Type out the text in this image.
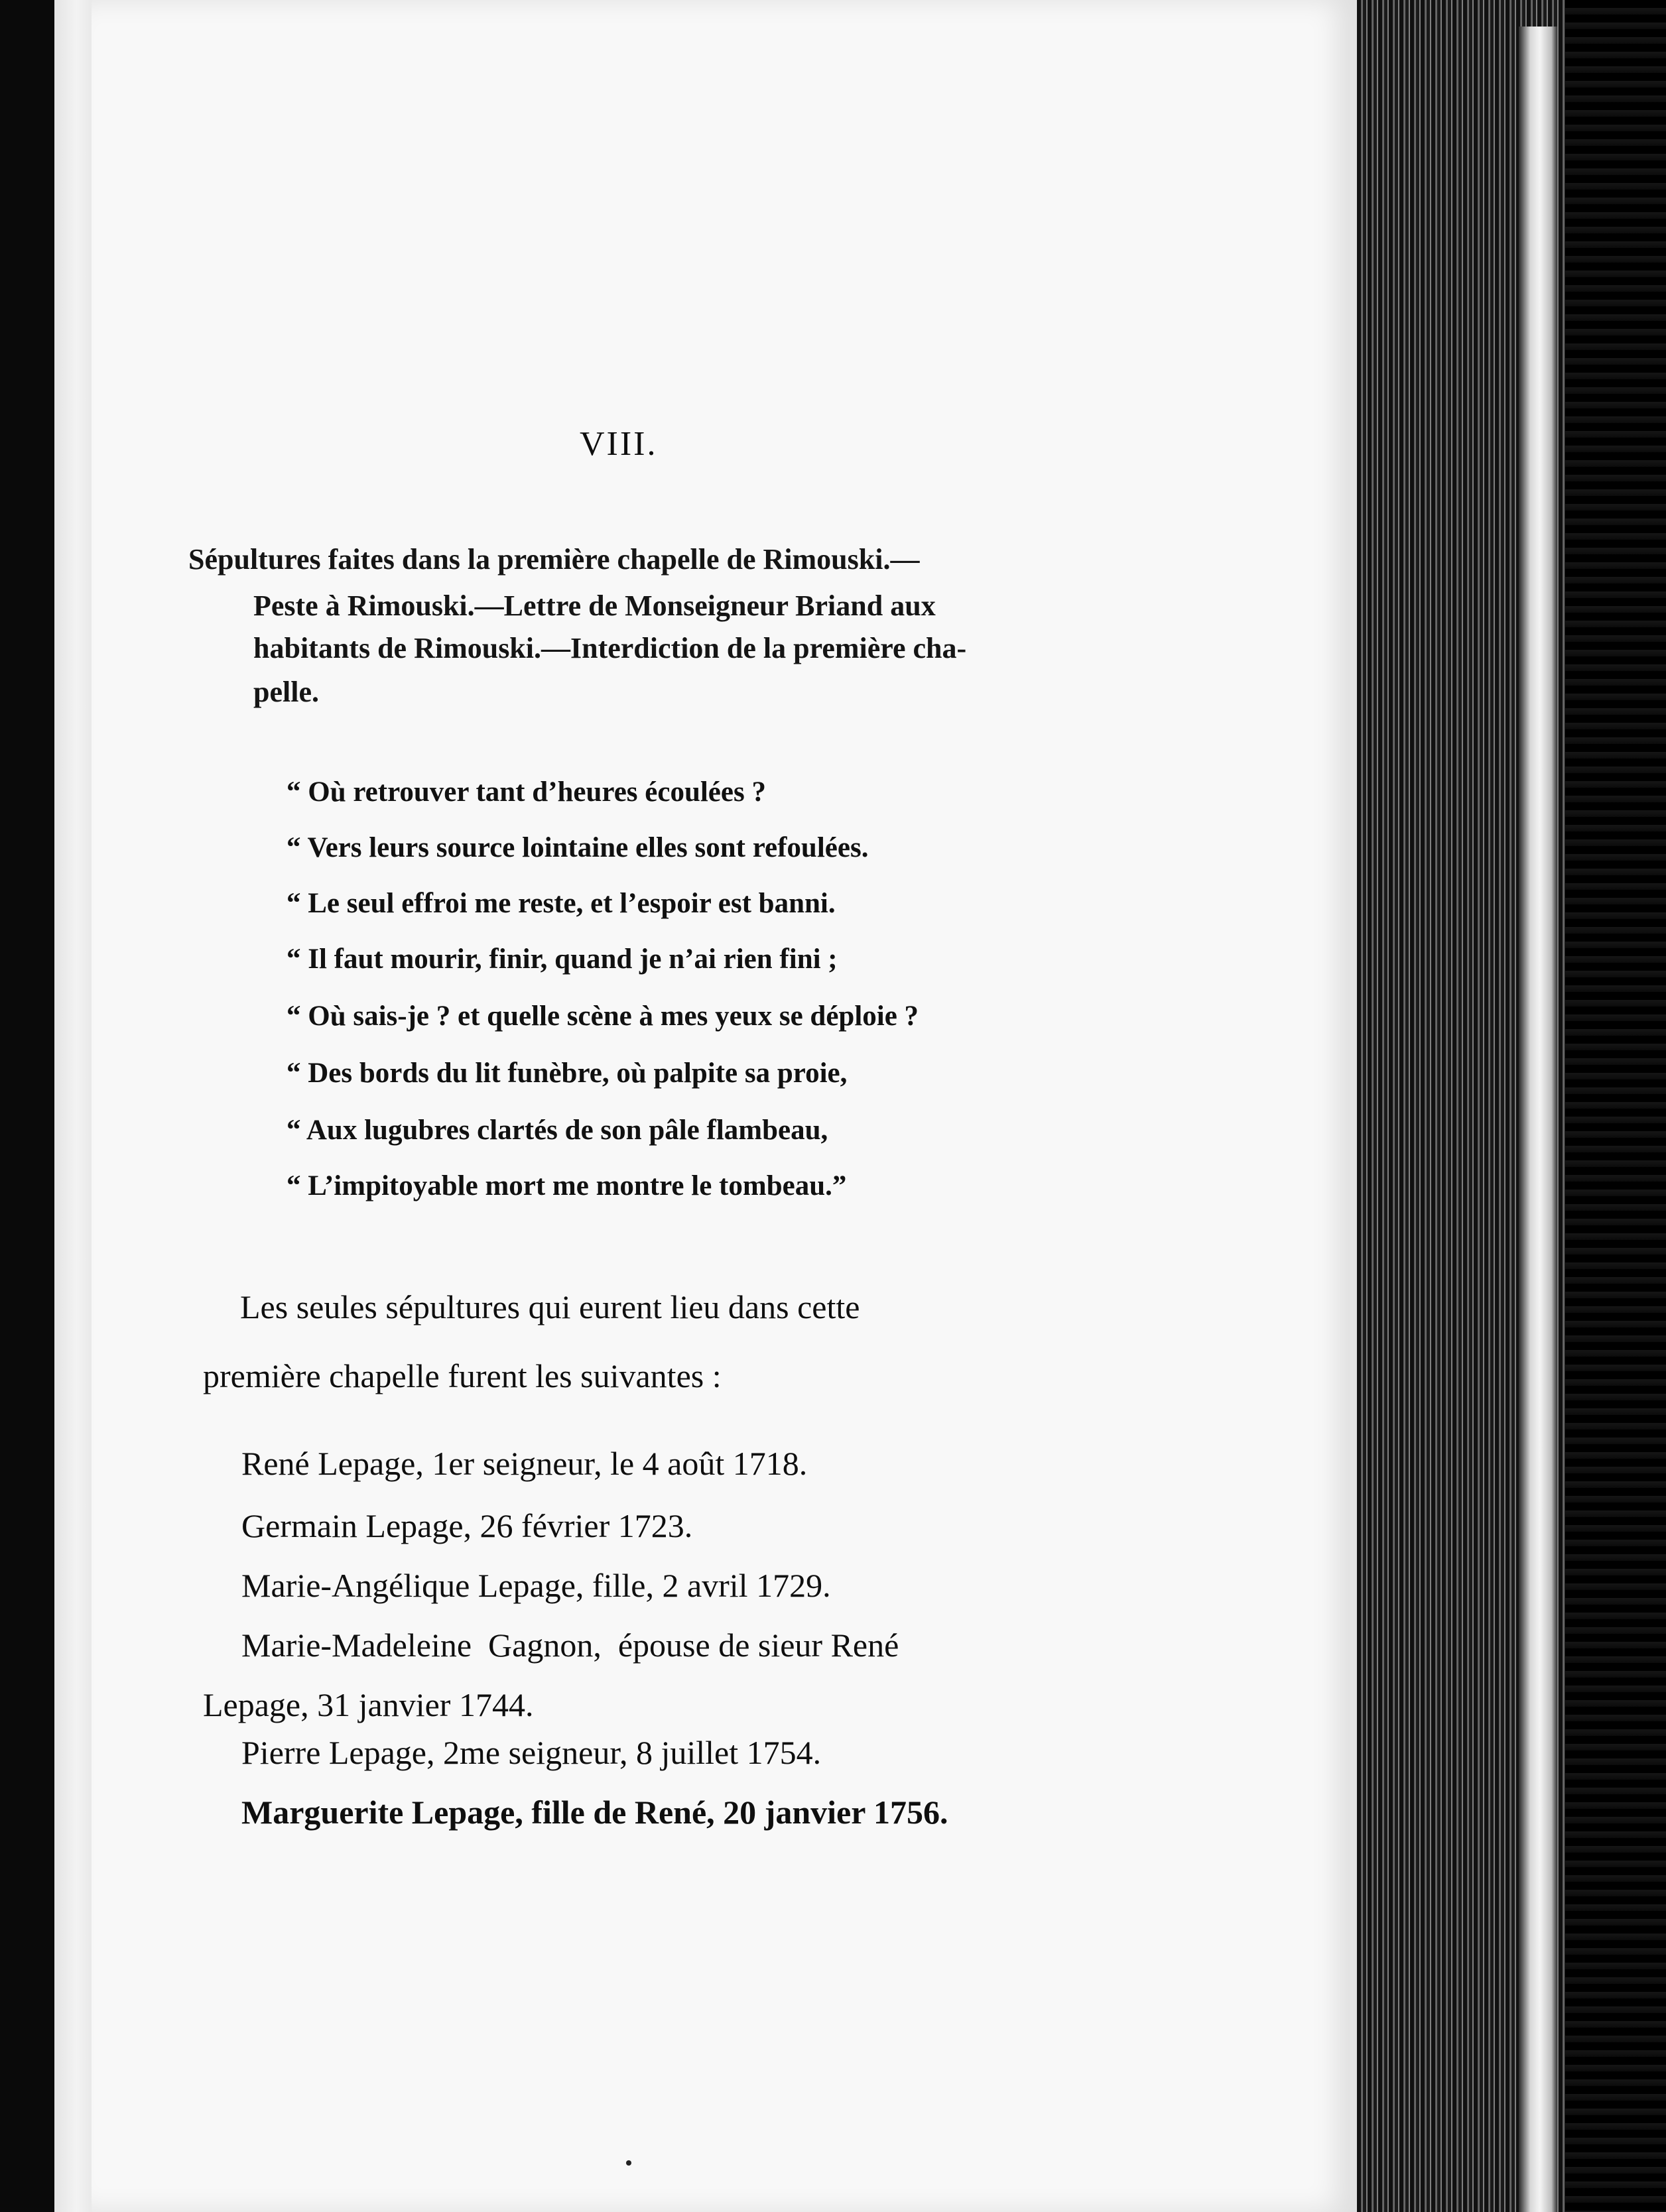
VIII.
Sépultures faites dans la première chapelle de Rimouski.—
Peste à Rimouski.—Lettre de Monseigneur Briand aux
habitants de Rimouski.—Interdiction de la première cha-
pelle.
“ Où retrouver tant d’heures écoulées ?
“ Vers leurs source lointaine elles sont refoulées.
“ Le seul effroi me reste, et l’espoir est banni.
“ Il faut mourir, finir, quand je n’ai rien fini ;
“ Où sais-je ? et quelle scène à mes yeux se déploie ?
“ Des bords du lit funèbre, où palpite sa proie,
“ Aux lugubres clartés de son pâle flambeau,
“ L’impitoyable mort me montre le tombeau.”
Les seules sépultures qui eurent lieu dans cette
première chapelle furent les suivantes :
René Lepage, 1er seigneur, le 4 août 1718.
Germain Lepage, 26 février 1723.
Marie-Angélique Lepage, fille, 2 avril 1729.
Marie-Madeleine  Gagnon,  épouse de sieur René
Lepage, 31 janvier 1744.
Pierre Lepage, 2me seigneur, 8 juillet 1754.
Marguerite Lepage, fille de René, 20 janvier 1756.
